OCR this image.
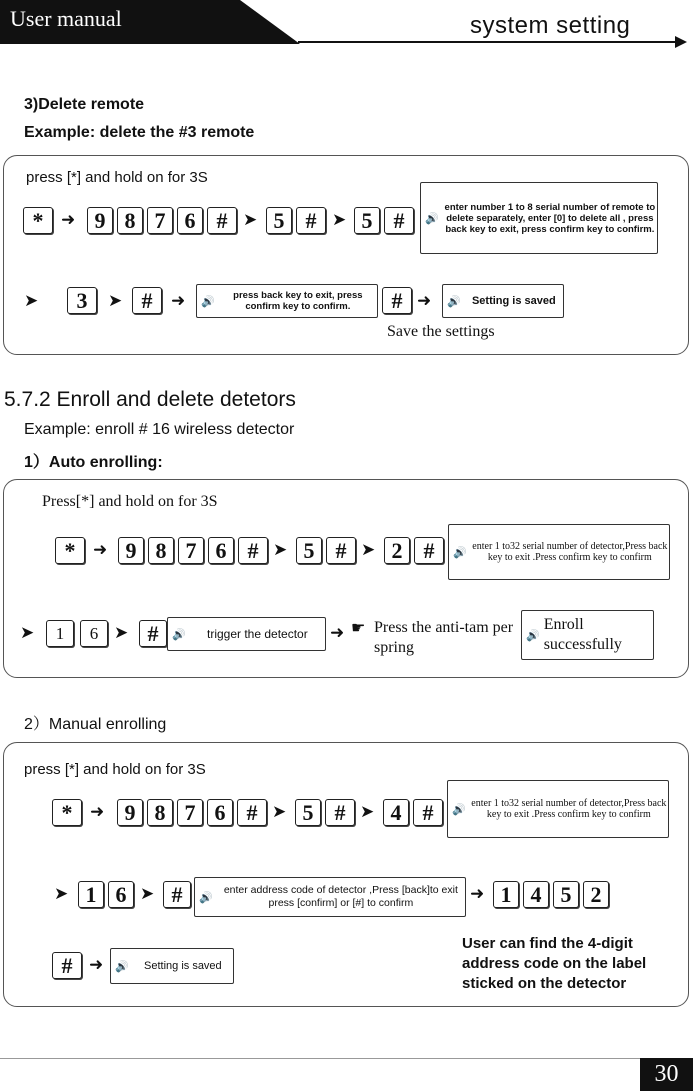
User manual	system setting
3)Delete remote
Example: delete the #3 remote
press [*] and hold on for 3S
*	➜ 9 8 7 6 # ➤ 5 # ➤ 5 #	🔊
enter number 1 to 8 serial number of remote to delete separately, enter [0] to delete all , press back key to exit, press confirm key to confirm.
➤	3	➤ #	➜ 🔊	press back key to exit, press confirm key to confirm.	# ➜ 🔊	Setting is saved
Save the settings
5.7.2 Enroll and delete detetors
Example: enroll # 16 wireless detector
1）Auto enrolling:
Press[*] and hold on for 3S
*	➜ 9 8 7 6 # ➤ 5 # ➤ 2 #	🔊 enter 1 to32 serial number of detector,Press back key to exit .Press confirm key to confirm
➤	1	6 ➤ #	🔊	trigger the detector	➜ ☛ Press the anti-tam per spring
🔊
Enroll successfully
2）Manual enrolling
press [*] and hold on for 3S
*	➜ 9 8 7 6 # ➤ 5 # ➤ 4 #	🔊 enter 1 to32 serial number of detector,Press back key to exit .Press confirm key to confirm
➤ 1 6 ➤ #	🔊
enter address code of detector ,Press [back]to exit press [confirm] or [#] to confirm	➜ 1 4 5 2
# ➜ 🔊	Setting is saved
User can find the 4-digit address code on the label sticked on the detector
30
